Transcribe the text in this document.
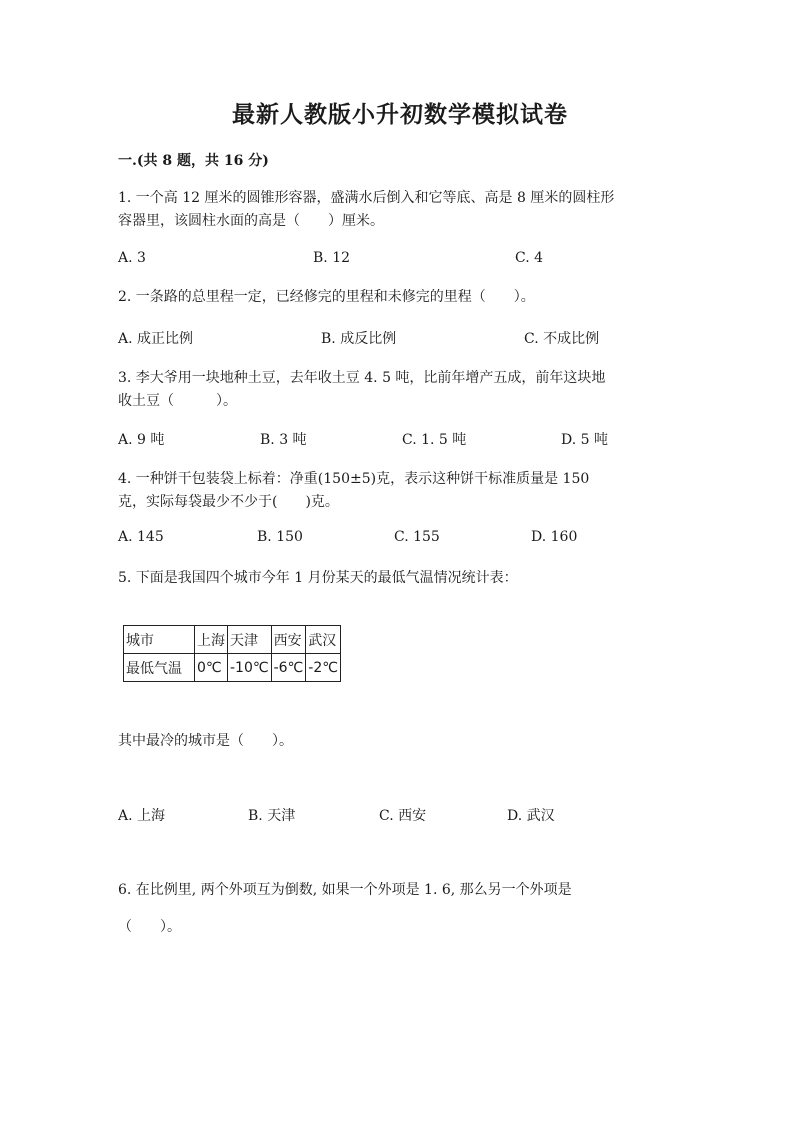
最新人教版小升初数学模拟试卷
一.(共 8 题，共 16 分)
1. 一个高 12 厘米的圆锥形容器，盛满水后倒入和它等底、高是 8 厘米的圆柱形
容器里，该圆柱水面的高是（　　）厘米。
A. 3	B. 12	C. 4
2. 一条路的总里程一定，已经修完的里程和未修完的里程（　　）。
A. 成正比例	B. 成反比例	C. 不成比例
3. 李大爷用一块地种土豆，去年收土豆 4. 5 吨，比前年增产五成，前年这块地
收土豆（　　　）。
A. 9 吨	B. 3 吨	C. 1. 5 吨	D. 5 吨
4. 一种饼干包装袋上标着：净重(150±5)克，表示这种饼干标准质量是 150
克，实际每袋最少不少于(　　)克。
A. 145	B. 150	C. 155	D. 160
5. 下面是我国四个城市今年 1 月份某天的最低气温情况统计表：
城市	上海	天津	西安	武汉
最低气温	0℃	-10℃	-6℃	-2℃
其中最冷的城市是（　　）。
A. 上海	B. 天津	C. 西安	D. 武汉
6. 在比例里, 两个外项互为倒数, 如果一个外项是 1. 6, 那么另一个外项是
（　　）。
